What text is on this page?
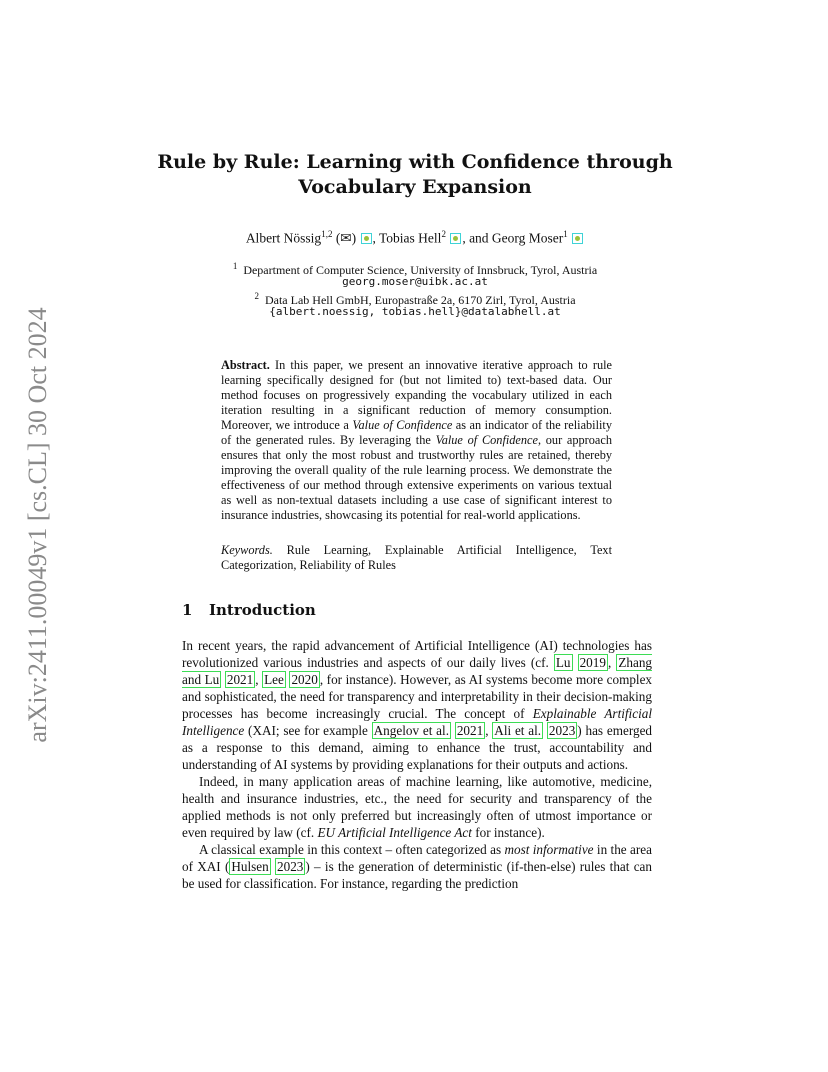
arXiv:2411.00049v1 [cs.CL] 30 Oct 2024
Rule by Rule: Learning with Confidence through
Vocabulary Expansion
Albert Nössig$^{1,2}$ (✉) , Tobias Hell$^2$ , and Georg Moser$^1$
$^1$ Department of Computer Science, University of Innsbruck, Tyrol, Austria
georg.moser@uibk.ac.at
$^2$ Data Lab Hell GmbH, Europastraße 2a, 6170 Zirl, Tyrol, Austria
{albert.noessig, tobias.hell}@datalabhell.at
Abstract. In this paper, we present an innovative iterative approach to rule learning specifically designed for (but not limited to) text-based data. Our method focuses on progressively expanding the vocabulary utilized in each iteration resulting in a significant reduction of memory consumption. Moreover, we introduce a Value of Confidence as an indicator of the reliability of the generated rules. By leveraging the Value of Confidence, our approach ensures that only the most robust and trustworthy rules are retained, thereby improving the overall quality of the rule learning process. We demonstrate the effectiveness of our method through extensive experiments on various textual as well as non-textual datasets including a use case of significant interest to insurance industries, showcasing its potential for real-world applications.
Keywords. Rule Learning, Explainable Artificial Intelligence, Text Categorization, Reliability of Rules
1 Introduction

In recent years, the rapid advancement of Artificial Intelligence (AI) technologies has revolutionized various industries and aspects of our daily lives (cf. Lu 2019 , Zhang and Lu 2021 , Lee 2020 , for instance). However, as AI systems become more complex and sophisticated, the need for transparency and interpretability in their decision-making processes has become increasingly crucial. The concept of Explainable Artificial Intelligence (XAI; see for example Angelov et al. 2021 , Ali et al. 2023 ) has emerged as a response to this demand, aiming to enhance the trust, accountability and understanding of AI systems by providing explanations for their outputs and actions.

Indeed, in many application areas of machine learning, like automotive, medicine, health and insurance industries, etc., the need for security and transparency of the applied methods is not only preferred but increasingly often of utmost importance or even required by law (cf. EU Artificial Intelligence Act for instance).

A classical example in this context – often categorized as most informative in the area of XAI ( Hulsen 2023 ) – is the generation of deterministic (if-then-else) rules that can be used for classification. For instance, regarding the prediction
